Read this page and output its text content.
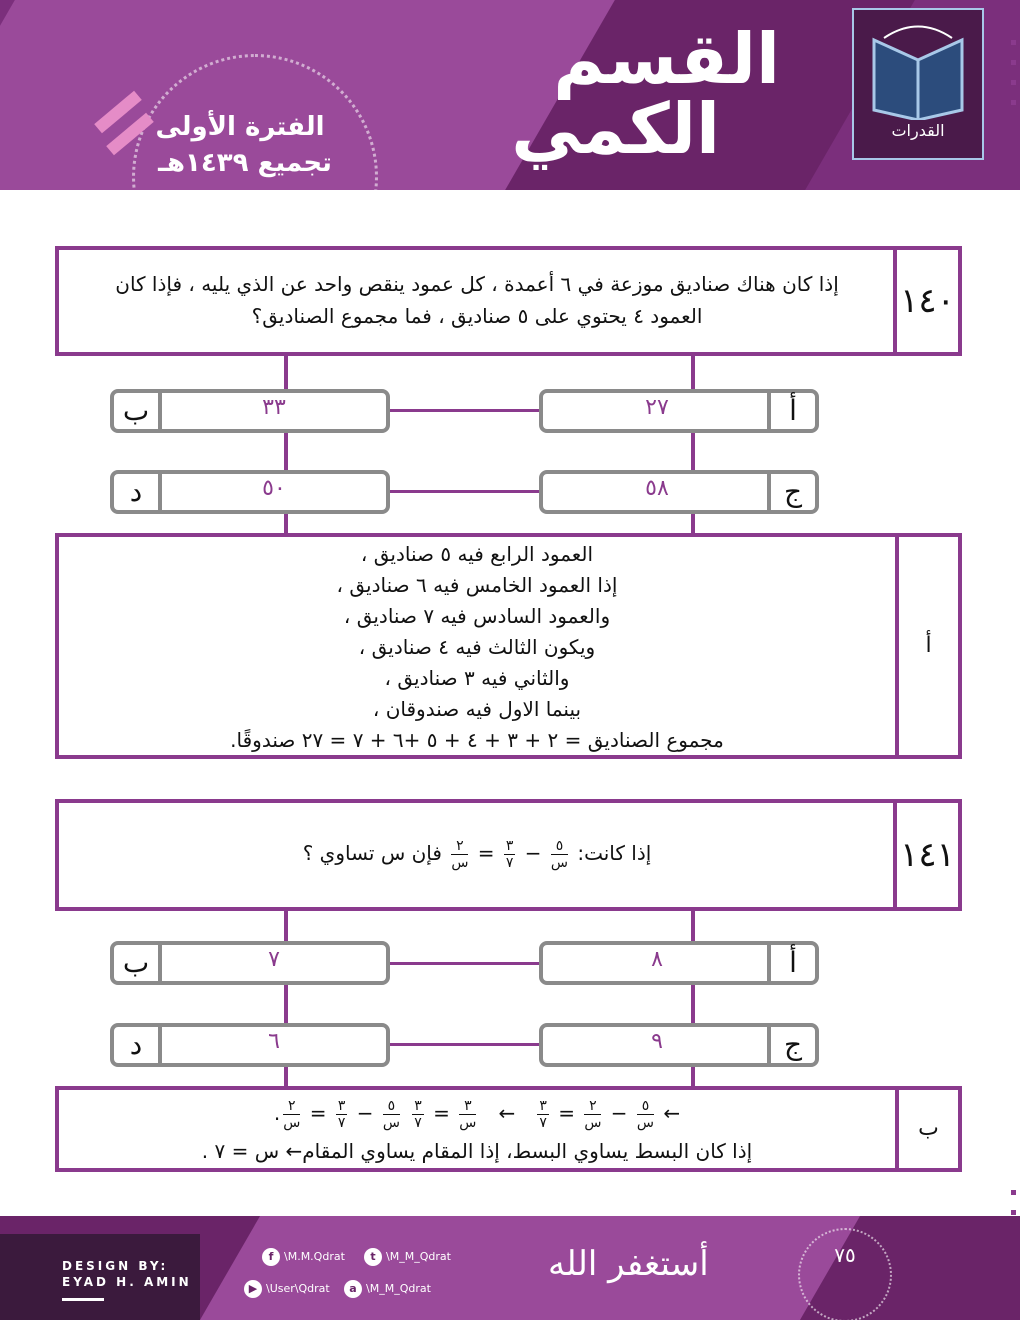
القسم
الكمي
الفترة الأولى
تجميع ١٤٣٩هـ
القدرات
إذا كان هناك صناديق موزعة في ٦ أعمدة ، كل عمود ينقص واحد عن الذي يليه ، فإذا كان
العمود ٤ يحتوي على ٥ صناديق ، فما مجموع الصناديق؟	١٤٠
ب	٣٣	٢٧	أ
د	٥٠	٥٨	ج
العمود الرابع فيه ٥ صناديق ،
إذا العمود الخامس فيه ٦ صناديق ،
والعمود السادس فيه ٧ صناديق ،
ويكون الثالث فيه ٤ صناديق ،
والثاني فيه ٣ صناديق ،
بينما الاول فيه صندوقان ،
مجموع الصناديق = ٢ + ٣ + ٤ + ٥ +٦ + ٧ = ٢٧ صندوقًا.
أ
إذا كانت:
$\frac{٥}{\text{س}}$
−
$\frac{٣}{٧}$
=
$\frac{٢}{\text{س}}$
فإن س تساوي ؟	١٤١
ب	٧	٨	أ
د	٦	٩	ج
←
$\frac{٥}{\text{س}}$
−
$\frac{٢}{\text{س}}$
=
$\frac{٣}{٧}$
←
$\frac{٣}{\text{س}}$
=
$\frac{٣}{٧}$

$\frac{٥}{\text{س}}$
−
$\frac{٣}{٧}$
=
$\frac{٢}{\text{س}}$
.
إذا كان البسط يساوي البسط، إذا المقام يساوي المقام← س = ٧ .
ب
DESIGN BY:
EYAD H. AMIN
f \M.M.Qdrat	t \M_M_Qdrat
▶ \User\Qdrat	a \M_M_Qdrat
أستغفر الله	٧٥
